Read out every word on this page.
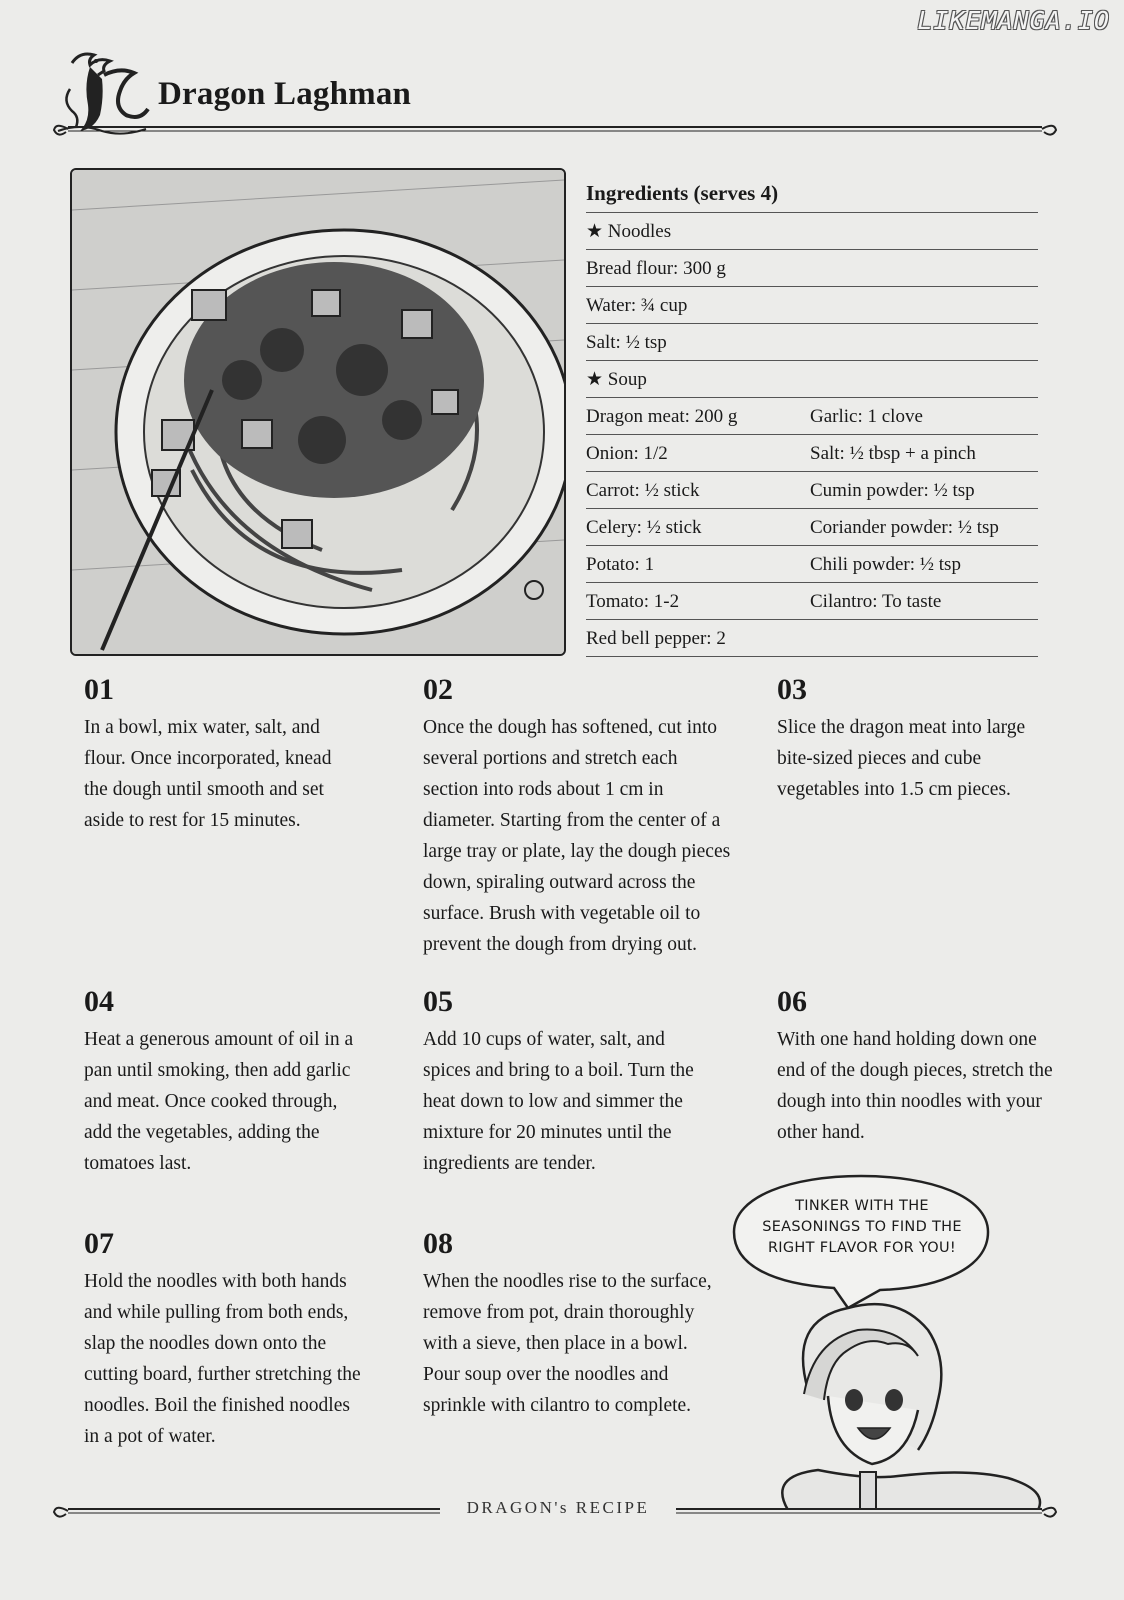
LIKEMANGA.IO
Dragon Laghman
Ingredients (serves 4)
★ Noodles
Bread flour: 300 g
Water: ¾ cup
Salt: ½ tsp
★ Soup
Dragon meat: 200 g	Garlic: 1 clove
Onion: 1/2	Salt: ½ tbsp + a pinch
Carrot: ½ stick	Cumin powder: ½ tsp
Celery: ½ stick	Coriander powder: ½ tsp
Potato: 1	Chili powder: ½ tsp
Tomato: 1-2	Cilantro: To taste
Red bell pepper: 2
01
In a bowl, mix water, salt, and flour. Once incorporated, knead the dough until smooth and set aside to rest for 15 minutes.
02
Once the dough has softened, cut into several portions and stretch each section into rods about 1 cm in diameter. Starting from the center of a large tray or plate, lay the dough pieces down, spiraling outward across the surface. Brush with vegetable oil to prevent the dough from drying out.
03
Slice the dragon meat into large bite-sized pieces and cube vegetables into 1.5 cm pieces.
04
Heat a generous amount of oil in a pan until smoking, then add garlic and meat. Once cooked through, add the vegetables, adding the tomatoes last.
05
Add 10 cups of water, salt, and spices and bring to a boil. Turn the heat down to low and simmer the mixture for 20 minutes until the ingredients are tender.
06
With one hand holding down one end of the dough pieces, stretch the dough into thin noodles with your other hand.
07
Hold the noodles with both hands and while pulling from both ends, slap the noodles down onto the cutting board, further stretching the noodles. Boil the finished noodles in a pot of water.
08
When the noodles rise to the surface, remove from pot, drain thoroughly with a sieve, then place in a bowl. Pour soup over the noodles and sprinkle with cilantro to complete.
TINKER WITH THE
SEASONINGS TO FIND THE
RIGHT FLAVOR FOR YOU!
DRAGON's RECIPE
